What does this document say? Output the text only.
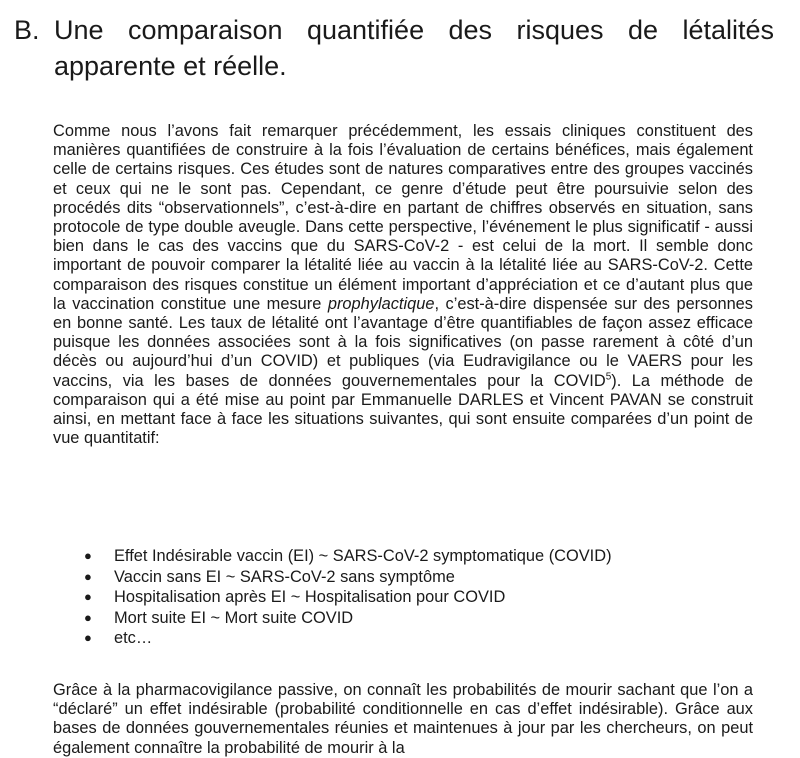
B. Une comparaison quantifiée des risques de létalités apparente et réelle.

Comme nous l’avons fait remarquer précédemment, les essais cliniques constituent des manières quantifiées de construire à la fois l’évaluation de certains bénéfices, mais également celle de certains risques. Ces études sont de natures comparatives entre des groupes vaccinés et ceux qui ne le sont pas. Cependant, ce genre d’étude peut être poursuivie selon des procédés dits “observationnels”, c’est-à-dire en partant de chiffres observés en situation, sans protocole de type double aveugle. Dans cette perspective, l’événement le plus significatif - aussi bien dans le cas des vaccins que du SARS-CoV-2 - est celui de la mort. Il semble donc important de pouvoir comparer la létalité liée au vaccin à la létalité liée au SARS-CoV-2. Cette comparaison des risques constitue un élément important d’appréciation et ce d’autant plus que la vaccination constitue une mesure prophylactique, c’est-à-dire dispensée sur des personnes en bonne santé. Les taux de létalité ont l’avantage d’être quantifiables de façon assez efficace puisque les données associées sont à la fois significatives (on passe rarement à côté d’un décès ou aujourd’hui d’un COVID) et publiques (via Eudravigilance ou le VAERS pour les vaccins, via les bases de données gouvernementales pour la COVID$^5$). La méthode de comparaison qui a été mise au point par Emmanuelle DARLES et Vincent PAVAN se construit ainsi, en mettant face à face les situations suivantes, qui sont ensuite comparées d’un point de vue quantitatif:

●	Effet Indésirable vaccin (EI) ~ SARS-CoV-2 symptomatique (COVID)
●	Vaccin sans EI ~ SARS-CoV-2 sans symptôme
●	Hospitalisation après EI ~ Hospitalisation pour COVID
●	Mort suite EI ~ Mort suite COVID
●	etc…

Grâce à la pharmacovigilance passive, on connaît les probabilités de mourir sachant que l’on a “déclaré” un effet indésirable (probabilité conditionnelle en cas d’effet indésirable). Grâce aux bases de données gouvernementales réunies et maintenues à jour par les chercheurs, on peut également connaître la probabilité de mourir à la
